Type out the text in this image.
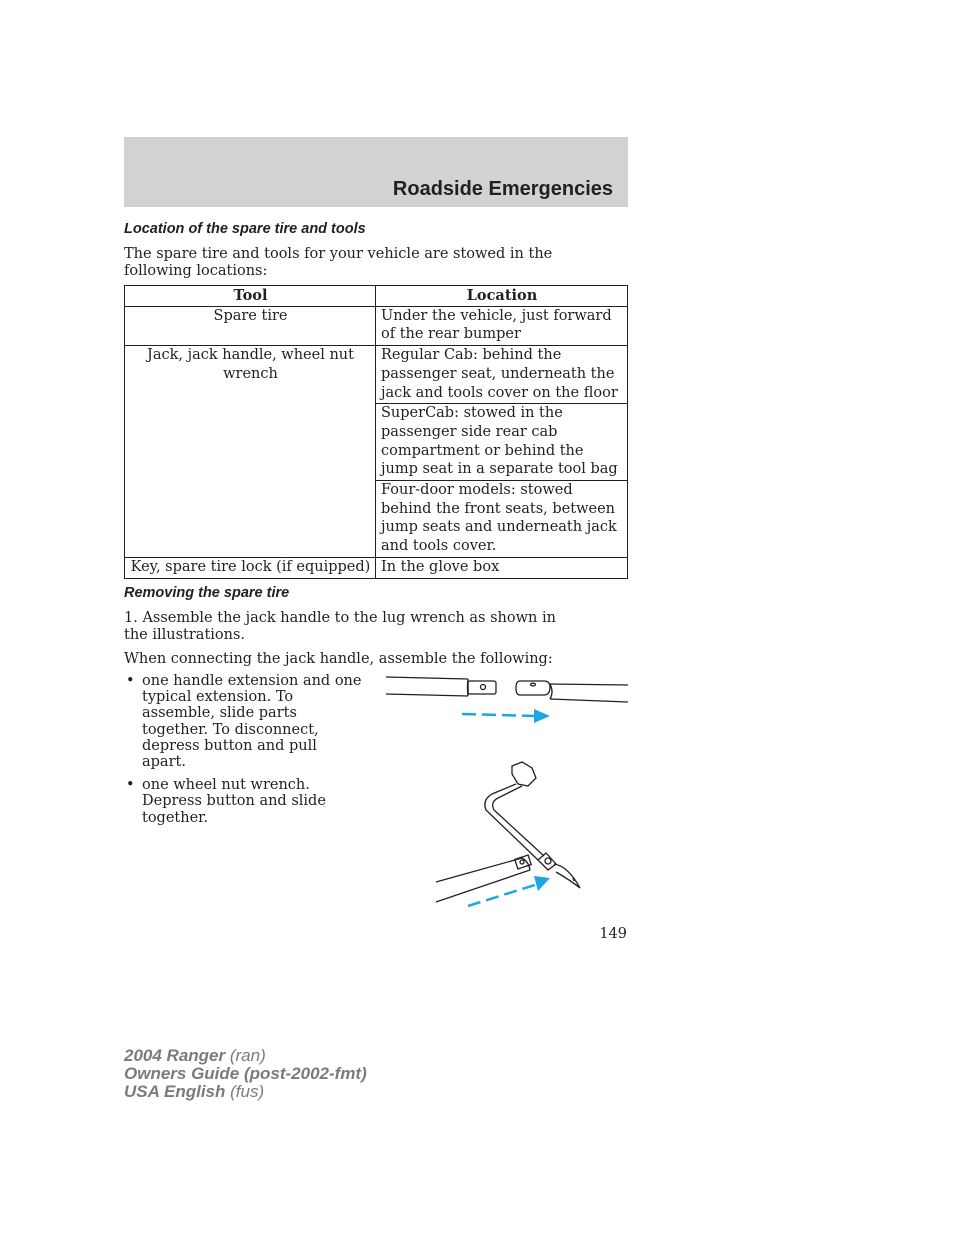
Roadside Emergencies
Location of the spare tire and tools
The spare tire and tools for your vehicle are stowed in the following locations:
Tool	Location
Spare tire	Under the vehicle, just forward of the rear bumper
Jack, jack handle, wheel nut wrench	Regular Cab: behind the passenger seat, underneath the jack and tools cover on the floor
	SuperCab: stowed in the passenger side rear cab compartment or behind the jump seat in a separate tool bag
	Four-door models: stowed behind the front seats, between jump seats and underneath jack and tools cover.
Key, spare tire lock (if equipped)	In the glove box
Removing the spare tire
1. Assemble the jack handle to the lug wrench as shown in the illustrations.
When connecting the jack handle, assemble the following:
• one handle extension and one typical extension. To assemble, slide parts together. To disconnect, depress button and pull apart.
• one wheel nut wrench. Depress button and slide together.
149
2004 Ranger (ran)
Owners Guide (post-2002-fmt)
USA English (fus)
